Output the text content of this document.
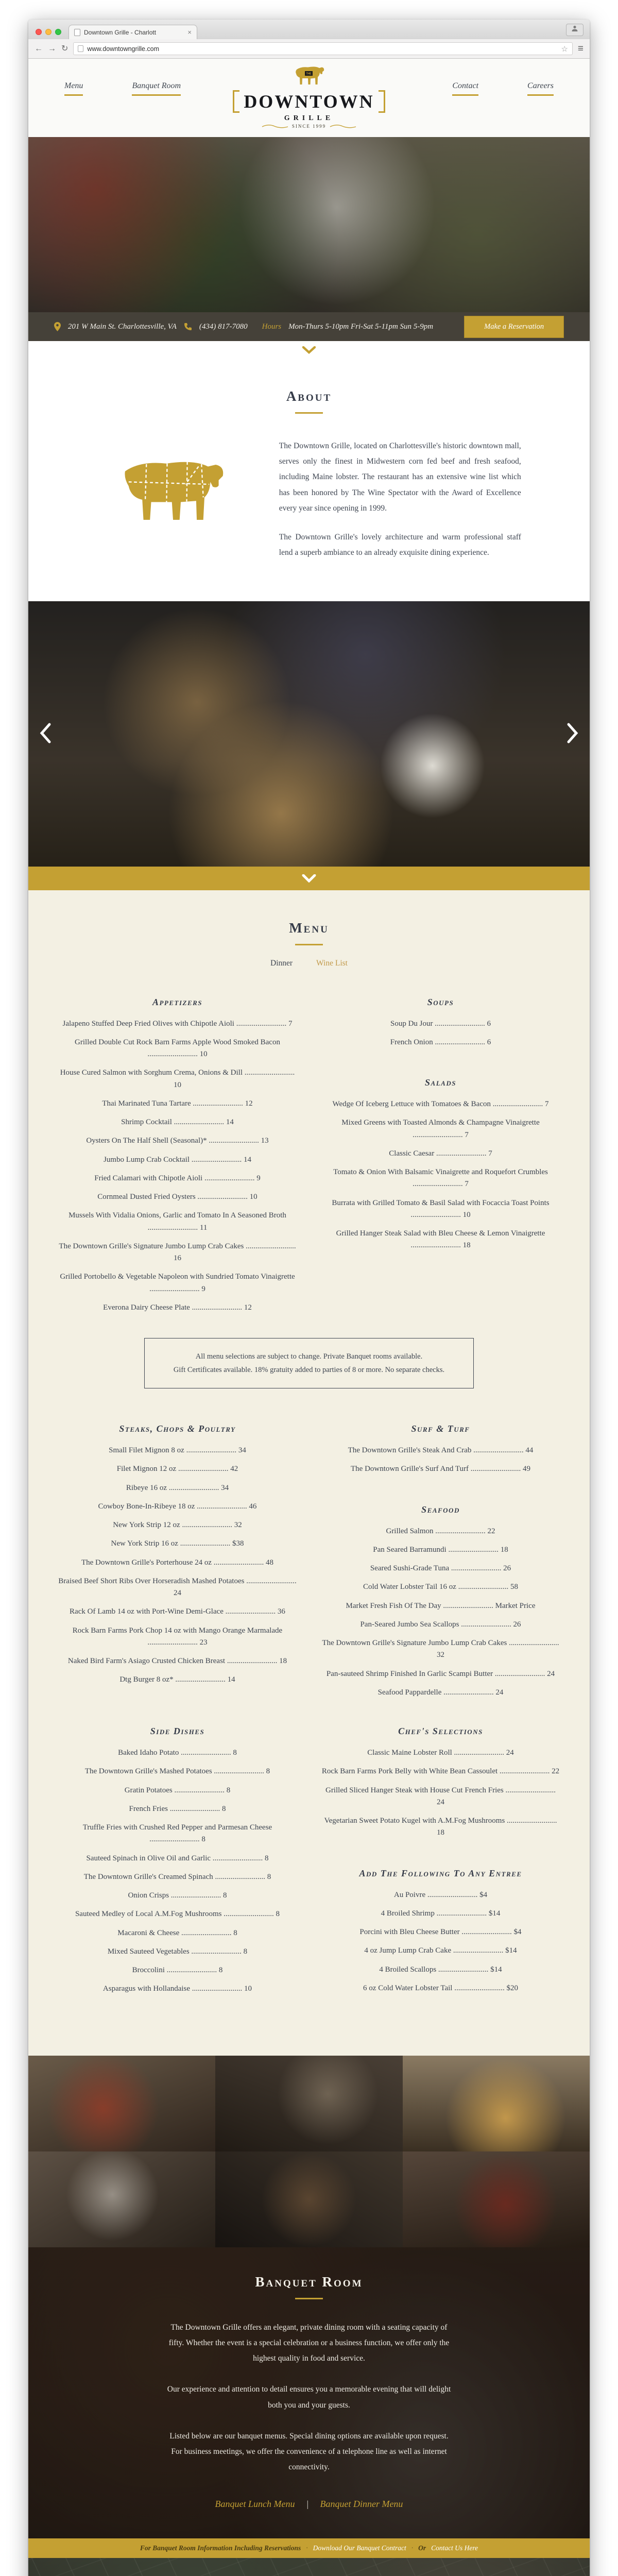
Downtown Grille - Charlott	×
← → ↻	www.downtowngrille.com	☆ ≡
Menu	Banquet Room	Contact	Careers
THE
DOWNTOWN
GRILLE
SINCE 1999
201 W Main St. Charlottesville, VA	(434) 817-7080 Hours Mon-Thurs 5-10pm Fri-Sat 5-11pm Sun 5-9pm	Make a Reservation
About

The Downtown Grille, located on Charlottesville's historic downtown mall, serves only the finest in Midwestern corn fed beef and fresh seafood, including Maine lobster. The restaurant has an extensive wine list which has been honored by The Wine Spectator with the Award of Excellence every year since opening in 1999.

The Downtown Grille's lovely architecture and warm professional staff lend a superb ambiance to an already exquisite dining experience.

Menu
Dinner	Wine List
Appetizers

Jalapeno Stuffed Deep Fried Olives with Chipotle Aioli .......................... 7

Grilled Double Cut Rock Barn Farms Apple Wood Smoked Bacon .......................... 10

House Cured Salmon with Sorghum Crema, Onions & Dill .......................... 10

Thai Marinated Tuna Tartare .......................... 12

Shrimp Cocktail .......................... 14

Oysters On The Half Shell (Seasonal)* .......................... 13

Jumbo Lump Crab Cocktail .......................... 14

Fried Calamari with Chipotle Aioli .......................... 9

Cornmeal Dusted Fried Oysters .......................... 10

Mussels With Vidalia Onions, Garlic and Tomato In A Seasoned Broth .......................... 11

The Downtown Grille's Signature Jumbo Lump Crab Cakes .......................... 16

Grilled Portobello & Vegetable Napoleon with Sundried Tomato Vinaigrette .......................... 9

Everona Dairy Cheese Plate .......................... 12

Soups

Soup Du Jour .......................... 6

French Onion .......................... 6

Salads

Wedge Of Iceberg Lettuce with Tomatoes & Bacon .......................... 7

Mixed Greens with Toasted Almonds & Champagne Vinaigrette .......................... 7

Classic Caesar .......................... 7

Tomato & Onion With Balsamic Vinaigrette and Roquefort Crumbles .......................... 7

Burrata with Grilled Tomato & Basil Salad with Focaccia Toast Points .......................... 10

Grilled Hanger Steak Salad with Bleu Cheese & Lemon Vinaigrette .......................... 18

All menu selections are subject to change. Private Banquet rooms available.
Gift Certificates available. 18% gratuity added to parties of 8 or more. No separate checks.
Steaks, Chops & Poultry

Small Filet Mignon 8 oz .......................... 34

Filet Mignon 12 oz .......................... 42

Ribeye 16 oz .......................... 34

Cowboy Bone-In-Ribeye 18 oz .......................... 46

New York Strip 12 oz .......................... 32

New York Strip 16 oz .......................... $38

The Downtown Grille's Porterhouse 24 oz .......................... 48

Braised Beef Short Ribs Over Horseradish Mashed Potatoes .......................... 24

Rack Of Lamb 14 oz with Port-Wine Demi-Glace .......................... 36

Rock Barn Farms Pork Chop 14 oz with Mango Orange Marmalade .......................... 23

Naked Bird Farm's Asiago Crusted Chicken Breast .......................... 18

Dtg Burger 8 oz* .......................... 14

Surf & Turf

The Downtown Grille's Steak And Crab .......................... 44

The Downtown Grille's Surf And Turf .......................... 49

Seafood

Grilled Salmon .......................... 22

Pan Seared Barramundi .......................... 18

Seared Sushi-Grade Tuna .......................... 26

Cold Water Lobster Tail 16 oz .......................... 58

Market Fresh Fish Of The Day .......................... Market Price

Pan-Seared Jumbo Sea Scallops .......................... 26

The Downtown Grille's Signature Jumbo Lump Crab Cakes .......................... 32

Pan-sauteed Shrimp Finished In Garlic Scampi Butter .......................... 24

Seafood Pappardelle .......................... 24

Side Dishes

Baked Idaho Potato .......................... 8

The Downtown Grille's Mashed Potatoes .......................... 8

Gratin Potatoes .......................... 8

French Fries .......................... 8

Truffle Fries with Crushed Red Pepper and Parmesan Cheese .......................... 8

Sauteed Spinach in Olive Oil and Garlic .......................... 8

The Downtown Grille's Creamed Spinach .......................... 8

Onion Crisps .......................... 8

Sauteed Medley of Local A.M.Fog Mushrooms .......................... 8

Macaroni & Cheese .......................... 8

Mixed Sauteed Vegetables .......................... 8

Broccolini .......................... 8

Asparagus with Hollandaise .......................... 10

Chef's Selections

Classic Maine Lobster Roll .......................... 24

Rock Barn Farms Pork Belly with White Bean Cassoulet .......................... 22

Grilled Sliced Hanger Steak with House Cut French Fries .......................... 24

Vegetarian Sweet Potato Kugel with A.M.Fog Mushrooms .......................... 18

Add The Following To Any Entree

Au Poivre .......................... $4

4 Broiled Shrimp .......................... $14

Porcini with Bleu Cheese Butter .......................... $4

4 oz Jump Lump Crab Cake .......................... $14

4 Broiled Scallops .......................... $14

6 oz Cold Water Lobster Tail .......................... $20

Banquet Room

The Downtown Grille offers an elegant, private dining room with a seating capacity of fifty. Whether the event is a special celebration or a business function, we offer only the highest quality in food and service.

Our experience and attention to detail ensures you a memorable evening that will delight both you and your guests.

Listed below are our banquet menus. Special dining options are available upon request. For business meetings, we offer the convenience of a telephone line as well as internet connectivity.

Banquet Lunch Menu | Banquet Dinner Menu
For Banquet Room Information Including Reservations · Download Our Banquet Contract · Or Contact Us Here
